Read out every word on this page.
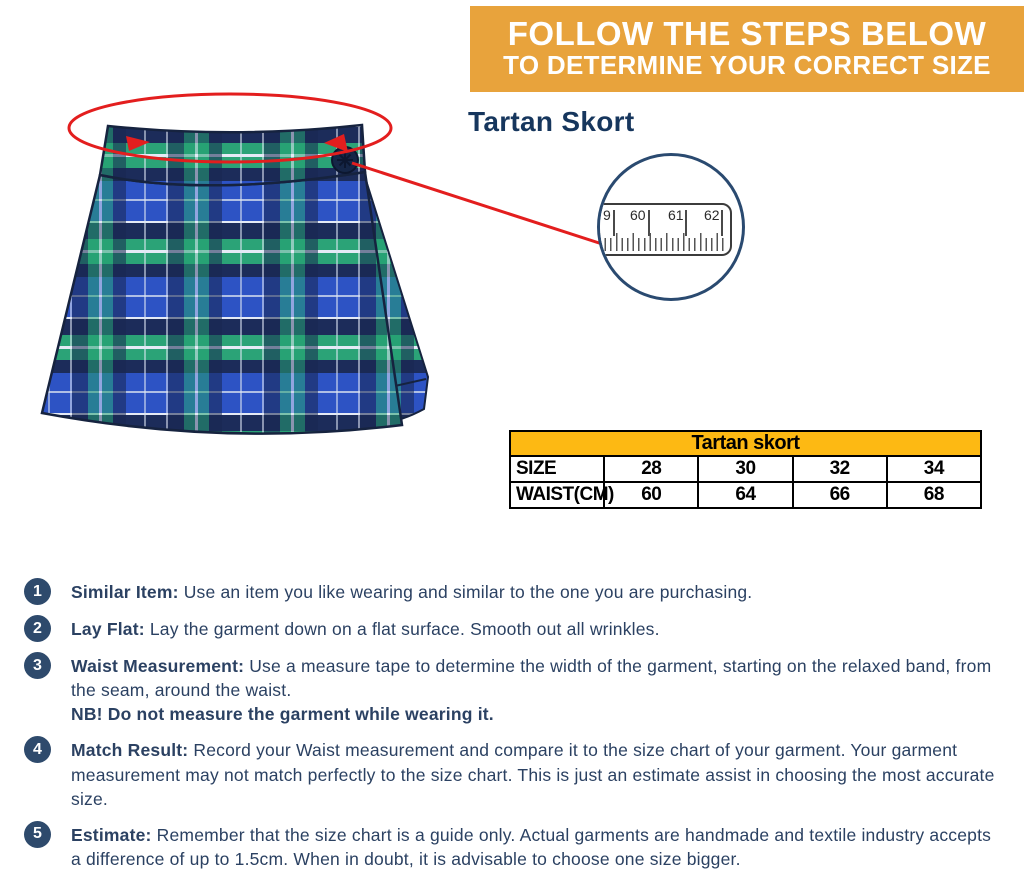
FOLLOW THE STEPS BELOW
TO DETERMINE YOUR CORRECT SIZE
Tartan Skort
9 60 61 62
Tartan skort				
SIZE	28	30	32	34
WAIST(CM)	60	64	66	68
1	Similar Item: Use an item you like wearing and similar to the one you are purchasing.
2	Lay Flat: Lay the garment down on a flat surface. Smooth out all wrinkles.
3	Waist Measurement: Use a measure tape to determine the width of the garment, starting on the relaxed band, from the seam, around the waist.
NB! Do not measure the garment while wearing it.
4	Match Result: Record your Waist measurement and compare it to the size chart of your garment. Your garment measurement may not match perfectly to the size chart. This is just an estimate assist in choosing the most accurate size.
5	Estimate: Remember that the size chart is a guide only. Actual garments are handmade and textile industry accepts a difference of up to 1.5cm. When in doubt, it is advisable to choose one size bigger.
